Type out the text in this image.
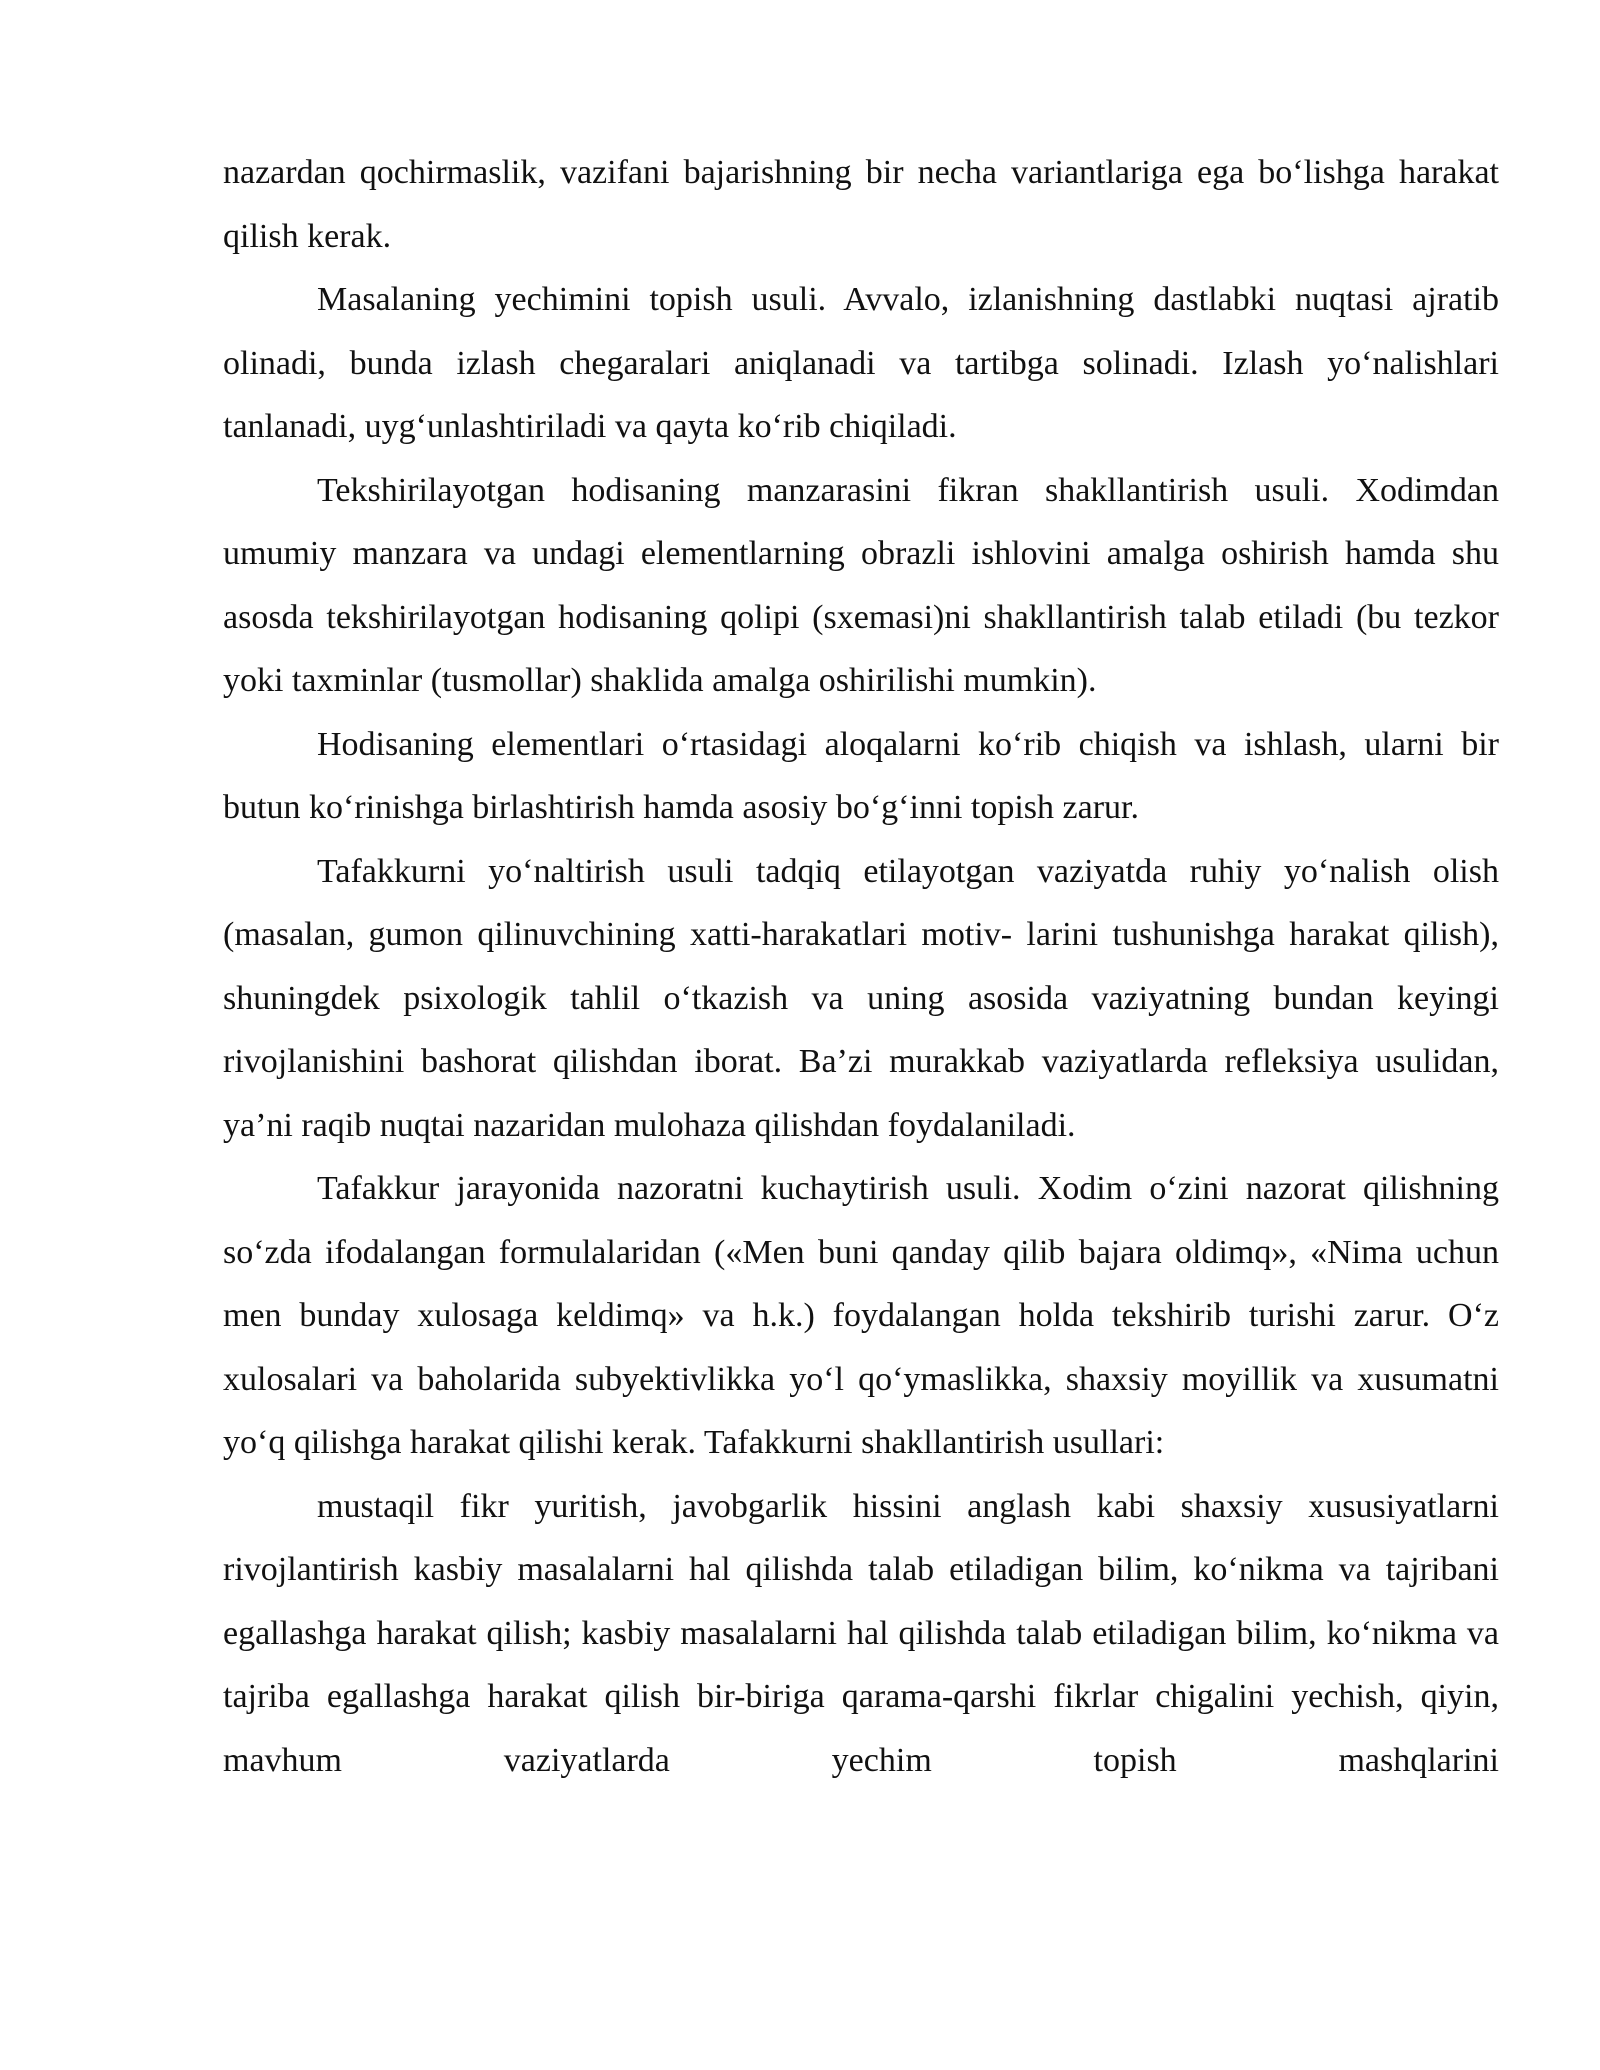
nazardan qochirmaslik, vazifani bajarishning bir necha variantlariga ega bo‘lishga harakat qilish kerak.

Masalaning yechimini topish usuli. Avvalo, izlanishning dastlabki nuqtasi ajratib olinadi, bunda izlash chegaralari aniqlanadi va tartibga solinadi. Izlash yo‘nalishlari tanlanadi, uyg‘unlashtiriladi va qayta ko‘rib chiqiladi.

Tekshirilayotgan hodisaning manzarasini fikran shakllantirish usuli. Xodimdan umumiy manzara va undagi elementlarning obrazli ishlovini amalga oshirish hamda shu asosda tekshirilayotgan hodisaning qolipi (sxemasi)ni shakllantirish talab etiladi (bu tezkor yoki taxminlar (tusmollar) shaklida amalga oshirilishi mumkin).

Hodisaning elementlari o‘rtasidagi aloqalarni ko‘rib chiqish va ishlash, ularni bir butun ko‘rinishga birlashtirish hamda asosiy bo‘g‘inni topish zarur.

Tafakkurni yo‘naltirish usuli tadqiq etilayotgan vaziyatda ruhiy yo‘nalish olish (masalan, gumon qilinuvchining xatti-harakatlari motiv- larini tushunishga harakat qilish), shuningdek psixologik tahlil o‘tkazish va uning asosida vaziyatning bundan keyingi rivojlanishini bashorat qilishdan iborat. Ba’zi murakkab vaziyatlarda refleksiya usulidan, ya’ni raqib nuqtai nazaridan mulohaza qilishdan foydalaniladi.

Tafakkur jarayonida nazoratni kuchaytirish usuli. Xodim o‘zini nazorat qilishning so‘zda ifodalangan formulalaridan («Men buni qanday qilib bajara oldimq», «Nima uchun men bunday xulosaga keldimq» va h.k.) foydalangan holda tekshirib turishi zarur. O‘z xulosalari va baholarida subyektivlikka yo‘l qo‘ymaslikka, shaxsiy moyillik va xusumatni yo‘q qilishga harakat qilishi kerak. Tafakkurni shakllantirish usullari:

mustaqil fikr yuritish, javobgarlik hissini anglash kabi shaxsiy xususiyatlarni rivojlantirish kasbiy masalalarni hal qilishda talab etiladigan bilim, ko‘nikma va tajribani egallashga harakat qilish; kasbiy masalalarni hal qilishda talab etiladigan bilim, ko‘nikma va tajriba egallashga harakat qilish bir-biriga qarama-qarshi fikrlar chigalini yechish, qiyin, mavhum vaziyatlarda yechim topish mashqlarini
